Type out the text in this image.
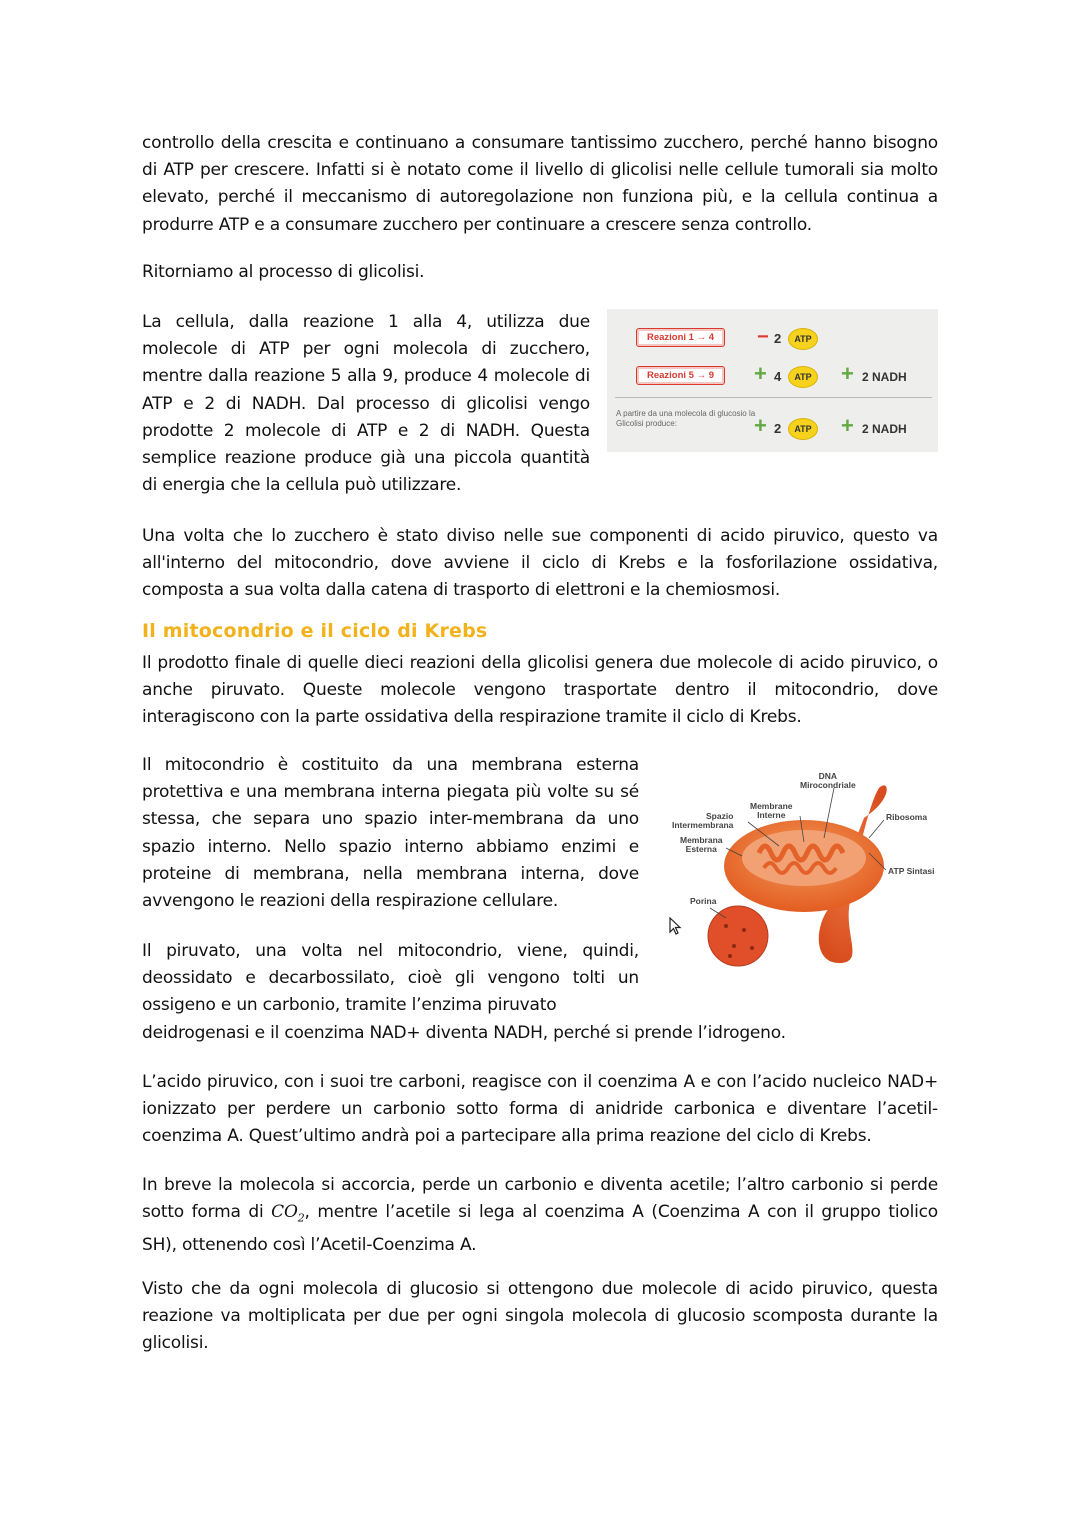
controllo della crescita e continuano a consumare tantissimo zucchero, perché hanno bisogno di ATP per crescere. Infatti si è notato come il livello di glicolisi nelle cellule tumorali sia molto elevato, perché il meccanismo di autoregolazione non funziona più, e la cellula continua a produrre ATP e a consumare zucchero per continuare a crescere senza controllo.

Ritorniamo al processo di glicolisi.

La cellula, dalla reazione 1 alla 4, utilizza due molecole di ATP per ogni molecola di zucchero, mentre dalla reazione 5 alla 9, produce 4 molecole di ATP e 2 di NADH. Dal processo di glicolisi vengo prodotte 2 molecole di ATP e 2 di NADH. Questa semplice reazione produce già una piccola quantità di energia che la cellula può utilizzare.

Reazioni 1 → 4	− 2	ATP
Reazioni 5 → 9	+ 4	ATP + 2 NADH
A partire da una molecola di glucosio la Glicolisi produce:	+ 2	ATP + 2 NADH

Una volta che lo zucchero è stato diviso nelle sue componenti di acido piruvico, questo va all'interno del mitocondrio, dove avviene il ciclo di Krebs e la fosforilazione ossidativa, composta a sua volta dalla catena di trasporto di elettroni e la chemiosmosi.

Il mitocondrio e il ciclo di Krebs

Il prodotto finale di quelle dieci reazioni della glicolisi genera due molecole di acido piruvico, o anche piruvato. Queste molecole vengono trasportate dentro il mitocondrio, dove interagiscono con la parte ossidativa della respirazione tramite il ciclo di Krebs.

Il mitocondrio è costituito da una membrana esterna protettiva e una membrana interna piegata più volte su sé stessa, che separa uno spazio inter-membrana da uno spazio interno. Nello spazio interno abbiamo enzimi e proteine di membrana, nella membrana interna, dove avvengono le reazioni della respirazione cellulare.

Il piruvato, una volta nel mitocondrio, viene, quindi, deossidato e decarbossilato, cioè gli vengono tolti un ossigeno e un carbonio, tramite l’enzima piruvato

deidrogenasi e il coenzima NAD+ diventa NADH, perché si prende l’idrogeno.

DNA
Mirocondriale
Membrane
Interne
Spazio
Intermembrana
Membrana
Esterna
Ribosoma
ATP Sintasi
Porina

L’acido piruvico, con i suoi tre carboni, reagisce con il coenzima A e con l’acido nucleico NAD+ ionizzato per perdere un carbonio sotto forma di anidride carbonica e diventare l’acetil-coenzima A. Quest’ultimo andrà poi a partecipare alla prima reazione del ciclo di Krebs.

In breve la molecola si accorcia, perde un carbonio e diventa acetile; l’altro carbonio si perde sotto forma di $CO_2$, mentre l’acetile si lega al coenzima A (Coenzima A con il gruppo tiolico SH), ottenendo così l’Acetil-Coenzima A.

Visto che da ogni molecola di glucosio si ottengono due molecole di acido piruvico, questa reazione va moltiplicata per due per ogni singola molecola di glucosio scomposta durante la glicolisi.
